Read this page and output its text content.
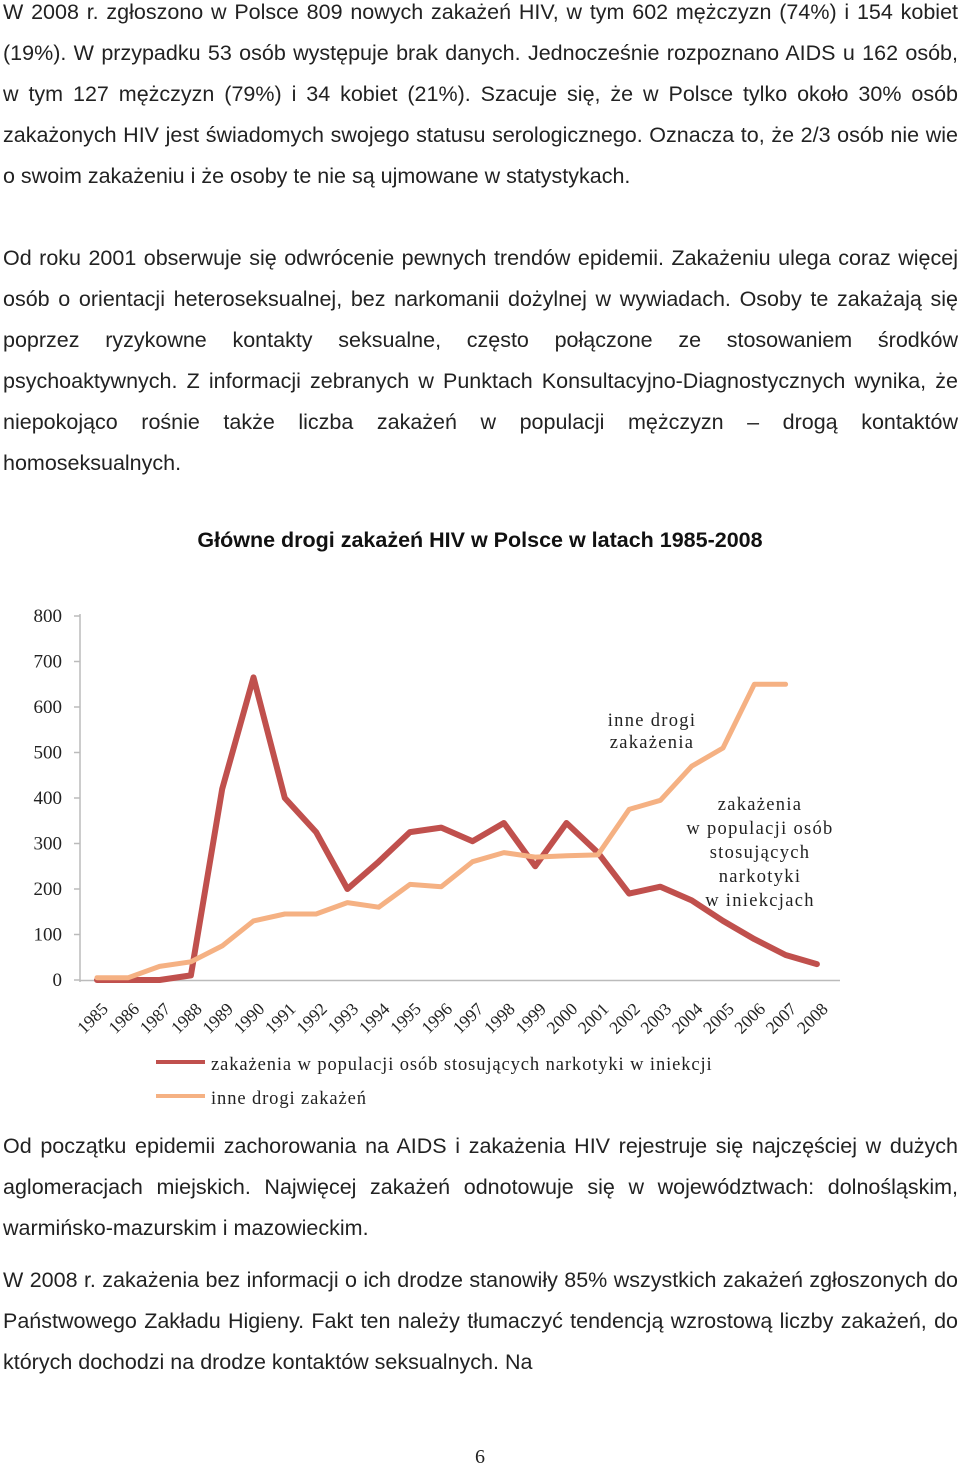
W 2008 r. zgłoszono w Polsce 809 nowych zakażeń HIV, w tym 602 mężczyzn (74%) i 154 kobiet (19%). W przypadku 53 osób występuje brak danych. Jednocześnie rozpoznano AIDS u 162 osób, w tym 127 mężczyzn (79%) i 34 kobiet (21%). Szacuje się, że w Polsce tylko około 30% osób zakażonych HIV jest świadomych swojego statusu serologicznego. Oznacza to, że 2/3 osób nie wie o swoim zakażeniu i że osoby te nie są ujmowane w statystykach.

Od roku 2001 obserwuje się odwrócenie pewnych trendów epidemii. Zakażeniu ulega coraz więcej osób o orientacji heteroseksualnej, bez narkomanii dożylnej w wywiadach. Osoby te zakażają się poprzez ryzykowne kontakty seksualne, często połączone ze stosowaniem środków psychoaktywnych. Z informacji zebranych w Punktach Konsultacyjno-Diagnostycznych wynika, że niepokojąco rośnie także liczba zakażeń w populacji mężczyzn – drogą kontaktów homoseksualnych.

Główne drogi zakażeń HIV w Polsce w latach 1985-2008

0
100
200
300
400
500
600
700
800
1985
1986
1987
1988
1989
1990
1991
1992
1993
1994
1995
1996
1997
1998
1999
2000
2001
2002
2003
2004
2005
2006
2007
2008
inne drogi
zakażenia
zakażenia
w populacji osób
stosujących
narkotyki
w iniekcjach
zakażenia w populacji osób stosujących narkotyki w iniekcji
inne drogi zakażeń

Od początku epidemii zachorowania na AIDS i zakażenia HIV rejestruje się najczęściej w dużych aglomeracjach miejskich. Najwięcej zakażeń odnotowuje się w województwach: dolnośląskim, warmińsko-mazurskim i mazowieckim.

W 2008 r. zakażenia bez informacji o ich drodze stanowiły 85% wszystkich zakażeń zgłoszonych do Państwowego Zakładu Higieny. Fakt ten należy tłumaczyć tendencją wzrostową liczby zakażeń, do których dochodzi na drodze kontaktów seksualnych. Na

6
